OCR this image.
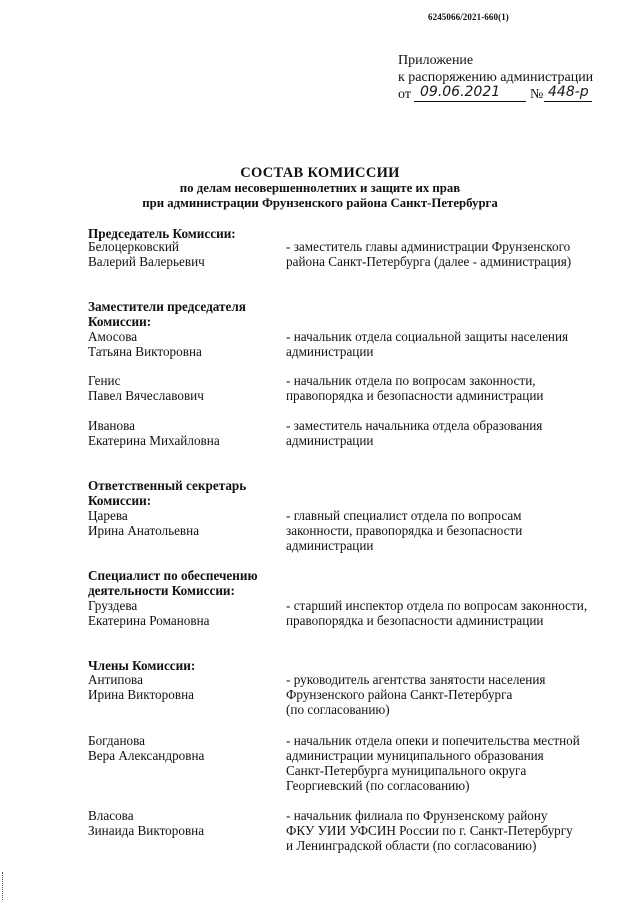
6245066/2021-660(1)
Приложение
к распоряжению администрации
от 09.06.2021 № 448-р
СОСТАВ КОМИССИИ
по делам несовершеннолетних и защите их прав
при администрации Фрунзенского района Санкт-Петербурга
Председатель Комиссии:
Белоцерковский
Валерий Валерьевич
- заместитель главы администрации Фрунзенского
района Санкт-Петербурга (далее - администрация)
Заместители председателя
Комиссии:
Амосова
Татьяна Викторовна
- начальник отдела социальной защиты населения
администрации
Генис
Павел Вячеславович
- начальник отдела по вопросам законности,
правопорядка и безопасности администрации
Иванова
Екатерина Михайловна
- заместитель начальника отдела образования
администрации
Ответственный секретарь
Комиссии:
Царева
Ирина Анатольевна
- главный специалист отдела по вопросам
законности, правопорядка и безопасности
администрации
Специалист по обеспечению
деятельности Комиссии:
Груздева
Екатерина Романовна
- старший инспектор отдела по вопросам законности,
правопорядка и безопасности администрации
Члены Комиссии:
Антипова
Ирина Викторовна
- руководитель агентства занятости населения
Фрунзенского района Санкт-Петербурга
(по согласованию)
Богданова
Вера Александровна
- начальник отдела опеки и попечительства местной
администрации муниципального образования
Санкт-Петербурга муниципального округа
Георгиевский (по согласованию)
Власова
Зинаида Викторовна
- начальник филиала по Фрунзенскому району
ФКУ УИИ УФСИН России по г. Санкт-Петербургу
и Ленинградской области (по согласованию)
